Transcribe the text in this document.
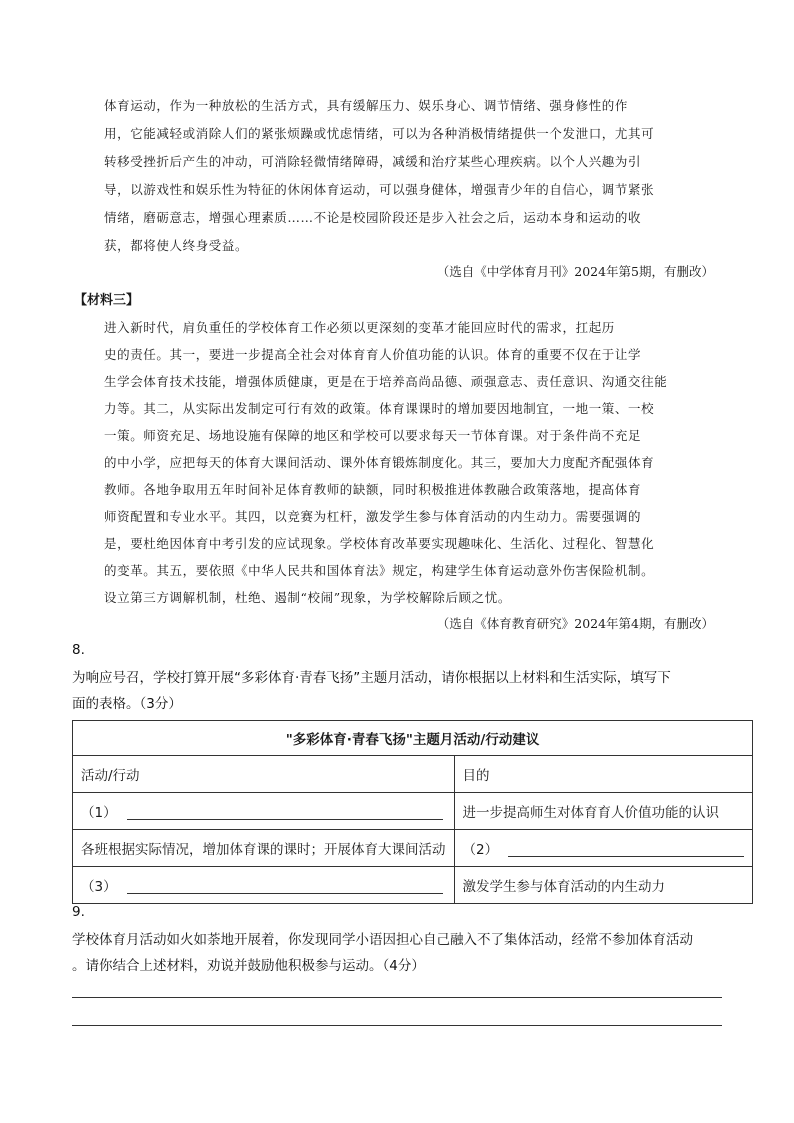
体育运动，作为一种放松的生活方式，具有缓解压力、娱乐身心、调节情绪、强身修性的作
用，它能减轻或消除人们的紧张烦躁或忧虑情绪，可以为各种消极情绪提供一个发泄口，尤其可
转移受挫折后产生的冲动，可消除轻微情绪障碍，减缓和治疗某些心理疾病。以个人兴趣为引
导，以游戏性和娱乐性为特征的休闲体育运动，可以强身健体，增强青少年的自信心，调节紧张
情绪，磨砺意志，增强心理素质……不论是校园阶段还是步入社会之后，运动本身和运动的收
获，都将使人终身受益。
（选自《中学体育月刊》2024年第5期，有删改）
【材料三】
进入新时代，肩负重任的学校体育工作必须以更深刻的变革才能回应时代的需求，扛起历
史的责任。其一，要进一步提高全社会对体育育人价值功能的认识。体育的重要不仅在于让学
生学会体育技术技能，增强体质健康，更是在于培养高尚品德、顽强意志、责任意识、沟通交往能
力等。其二，从实际出发制定可行有效的政策。体育课课时的增加要因地制宜，一地一策、一校
一策。师资充足、场地设施有保障的地区和学校可以要求每天一节体育课。对于条件尚不充足
的中小学，应把每天的体育大课间活动、课外体育锻炼制度化。其三，要加大力度配齐配强体育
教师。各地争取用五年时间补足体育教师的缺额，同时积极推进体教融合政策落地，提高体育
师资配置和专业水平。其四，以竞赛为杠杆，激发学生参与体育活动的内生动力。需要强调的
是，要杜绝因体育中考引发的应试现象。学校体育改革要实现趣味化、生活化、过程化、智慧化
的变革。其五，要依照《中华人民共和国体育法》规定，构建学生体育运动意外伤害保险机制。
设立第三方调解机制，杜绝、遏制“校闹”现象，为学校解除后顾之忧。
（选自《体育教育研究》2024年第4期，有删改）
8.
为响应号召，学校打算开展“多彩体育·青春飞扬”主题月活动，请你根据以上材料和生活实际，填写下
面的表格。（3分）
"多彩体育·青春飞扬"主题月活动/行动建议	
活动/行动	目的
（1）	进一步提高师生对体育育人价值功能的认识
各班根据实际情况，增加体育课的课时；开展体育大课间活动	（2）
（3）	激发学生参与体育活动的内生动力
9.
学校体育月活动如火如荼地开展着，你发现同学小语因担心自己融入不了集体活动，经常不参加体育活动
。请你结合上述材料，劝说并鼓励他积极参与运动。（4分）
